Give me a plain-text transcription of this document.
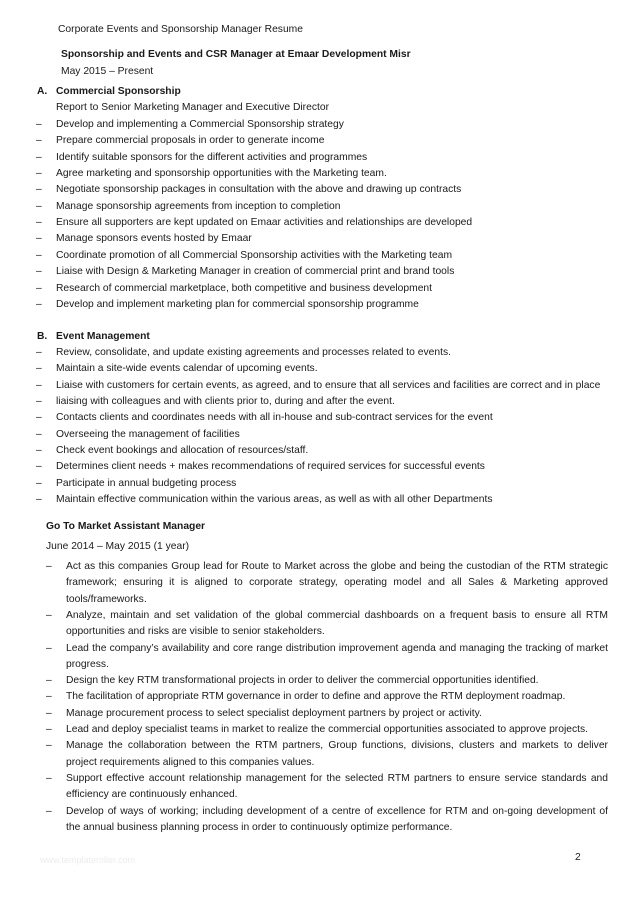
Corporate Events and Sponsorship Manager Resume
Sponsorship and Events and CSR Manager at Emaar Development Misr
May 2015 – Present
A. Commercial Sponsorship
Report to Senior Marketing Manager and Executive Director
–	Develop and implementing a Commercial Sponsorship strategy
–	Prepare commercial proposals in order to generate income
–	Identify suitable sponsors for the different activities and programmes
–	Agree marketing and sponsorship opportunities with the Marketing team.
–	Negotiate sponsorship packages in consultation with the above and drawing up contracts
–	Manage sponsorship agreements from inception to completion
–	Ensure all supporters are kept updated on Emaar activities and relationships are developed
–	Manage sponsors events hosted by Emaar
–	Coordinate promotion of all Commercial Sponsorship activities with the Marketing team
–	Liaise with Design & Marketing Manager in creation of commercial print and brand tools
–	Research of commercial marketplace, both competitive and business development
–	Develop and implement marketing plan for commercial sponsorship programme
B. Event Management
–	Review, consolidate, and update existing agreements and processes related to events.
–	Maintain a site-wide events calendar of upcoming events.
–	Liaise with customers for certain events, as agreed, and to ensure that all services and facilities are correct and in place
–	liaising with colleagues and with clients prior to, during and after the event.
–	Contacts clients and coordinates needs with all in-house and sub-contract services for the event
–	Overseeing the management of facilities
–	Check event bookings and allocation of resources/staff.
–	Determines client needs + makes recommendations of required services for successful events
–	Participate in annual budgeting process
–	Maintain effective communication within the various areas, as well as with all other Departments
Go To Market Assistant Manager
June 2014 – May 2015 (1 year)
– Act as this companies Group lead for Route to Market across the globe and being the custodian of the RTM strategic
framework; ensuring it is aligned to corporate strategy, operating model and all Sales & Marketing approved
tools/frameworks.
– Analyze, maintain and set validation of the global commercial dashboards on a frequent basis to ensure all RTM
opportunities and risks are visible to senior stakeholders.
– Lead the company’s availability and core range distribution improvement agenda and managing the tracking of market
progress.
– Design the key RTM transformational projects in order to deliver the commercial opportunities identified.
– The facilitation of appropriate RTM governance in order to define and approve the RTM deployment roadmap.
– Manage procurement process to select specialist deployment partners by project or activity.
– Lead and deploy specialist teams in market to realize the commercial opportunities associated to approve projects.
– Manage the collaboration between the RTM partners, Group functions, divisions, clusters and markets to deliver
project requirements aligned to this companies values.
– Support effective account relationship management for the selected RTM partners to ensure service standards and
efficiency are continuously enhanced.
– Develop of ways of working; including development of a centre of excellence for RTM and on-going development of
the annual business planning process in order to continuously optimize performance.
www.templateroller.com	2
